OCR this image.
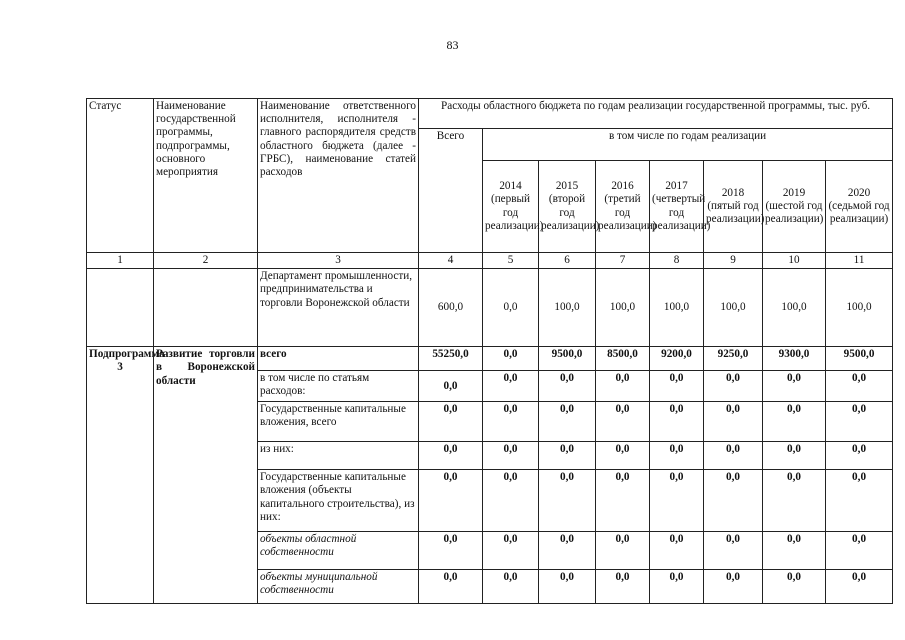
83
Статус	Наименование государственной программы, подпрограммы, основного мероприятия	Наименование ответственного исполнителя, исполнителя - главного распорядителя средств областного бюджета (далее - ГРБС), наименование статей расходов	Расходы областного бюджета по годам реализации государственной программы, тыс. руб.							
			Всего	в том числе по годам реализации						
				2014 (первый год реализации)	2015 (второй год реализации)	2016 (третий год реализации)	2017 (четвертый год реализации)	2018 (пятый год реализации)	2019 (шестой год реализации)	2020 (седьмой год реализации)
1	2	3	4	5	6	7	8	9	10	11
		Департамент промышленности, предпринимательства и торговли Воронежской области	600,0	0,0	100,0	100,0	100,0	100,0	100,0	100,0
Подпрограмма 3	Развитие торговли в Воронежской области	всего	55250,0	0,0	9500,0	8500,0	9200,0	9250,0	9300,0	9500,0
		в том числе по статьям расходов:	0,0	0,0	0,0	0,0	0,0	0,0	0,0	0,0
		Государственные капитальные вложения, всего	0,0	0,0	0,0	0,0	0,0	0,0	0,0	0,0
		из них:	0,0	0,0	0,0	0,0	0,0	0,0	0,0	0,0
		Государственные капитальные вложения (объекты капитального строительства), из них:	0,0	0,0	0,0	0,0	0,0	0,0	0,0	0,0
		объекты областной собственности	0,0	0,0	0,0	0,0	0,0	0,0	0,0	0,0
		объекты муниципальной собственности	0,0	0,0	0,0	0,0	0,0	0,0	0,0	0,0
